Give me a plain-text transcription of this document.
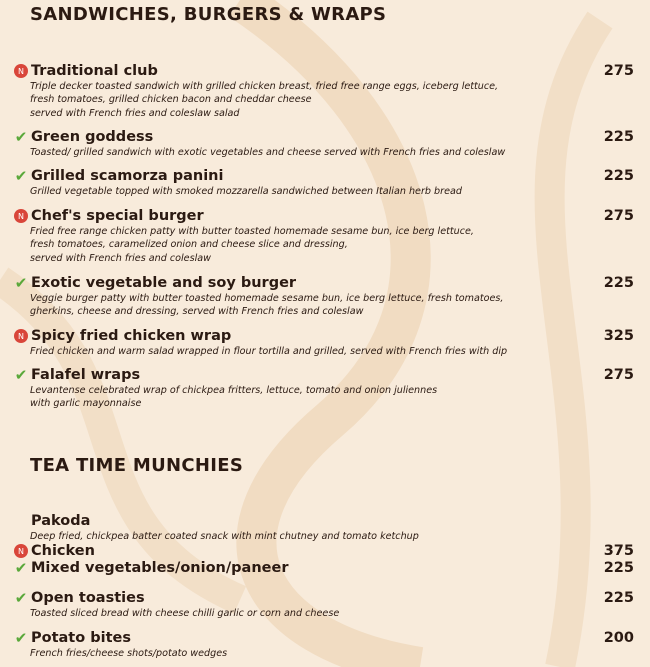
SANDWICHES, BURGERS & WRAPS
N Traditional club	275
Triple decker toasted sandwich with grilled chicken breast, fried free range eggs, iceberg lettuce,
fresh tomatoes, grilled chicken bacon and cheddar cheese
served with French fries and coleslaw salad
✔ Green goddess	225
Toasted/ grilled sandwich with exotic vegetables and cheese served with French fries and coleslaw
✔ Grilled scamorza panini	225
Grilled vegetable topped with smoked mozzarella sandwiched between Italian herb bread
N Chef's special burger	275
Fried free range chicken patty with butter toasted homemade sesame bun, ice berg lettuce,
fresh tomatoes, caramelized onion and cheese slice and dressing,
served with French fries and coleslaw
✔ Exotic vegetable and soy burger	225
Veggie burger patty with butter toasted homemade sesame bun, ice berg lettuce, fresh tomatoes,
gherkins, cheese and dressing, served with French fries and coleslaw
N Spicy fried chicken wrap	325
Fried chicken and warm salad wrapped in flour tortilla and grilled, served with French fries with dip
✔ Falafel wraps	275
Levantense celebrated wrap of chickpea fritters, lettuce, tomato and onion juliennes
with garlic mayonnaise
TEA TIME MUNCHIES
Pakoda
Deep fried, chickpea batter coated snack with mint chutney and tomato ketchup
N Chicken	375
✔ Mixed vegetables/onion/paneer	225
✔ Open toasties	225
Toasted sliced bread with cheese chilli garlic or corn and cheese
✔ Potato bites	200
French fries/cheese shots/potato wedges
